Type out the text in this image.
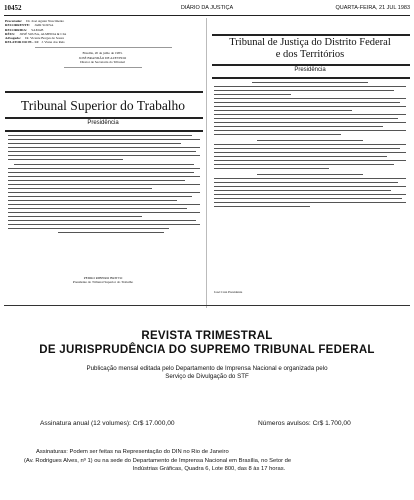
10452	DIÁRIO DA JUSTIÇA	QUARTA-FEIRA, 21 JUL 1983
Procurador Dr. José Aguiar Nascimento
RECORRENTE: JAIR SOUSA
RECORRIDA: SAMAB
RÉUS: JOSÉ SOUSA, ALMEIDA & CIA
Advogado: Dr. Vicente Borges de Souza
RELATOR DO PL. 14: J. Viana dos Reis
Brasília, 20 de julho de 1983.
JOSÉ BRANDÃO DE AZEVEDO
Diretor de Secretaria do Tribunal
Tribunal Superior do Trabalho
Presidência
PEDRO RIBEIRO BRITTO
Presidente do Tribunal Superior do Trabalho
Tribunal de Justiça do Distrito Federal
e dos Territórios
Presidência
José Cruz Presidente
REVISTA TRIMESTRAL
DE JURISPRUDÊNCIA DO SUPREMO TRIBUNAL FEDERAL
Publicação mensal editada pelo Departamento de Imprensa Nacional e organizada pelo
Serviço de Divulgação do STF
Assinatura anual (12 volumes): Cr$ 17.000,00	Números avulsos: Cr$ 1.700,00
Assinaturas: Podem ser feitas na Representação do DIN no Rio de Janeiro
(Av. Rodrigues Alves, nº 1) ou na sede do Departamento de Imprensa Nacional em Brasília, no Setor de
Indústrias Gráficas, Quadra 6, Lote 800, das 8 às 17 horas.
